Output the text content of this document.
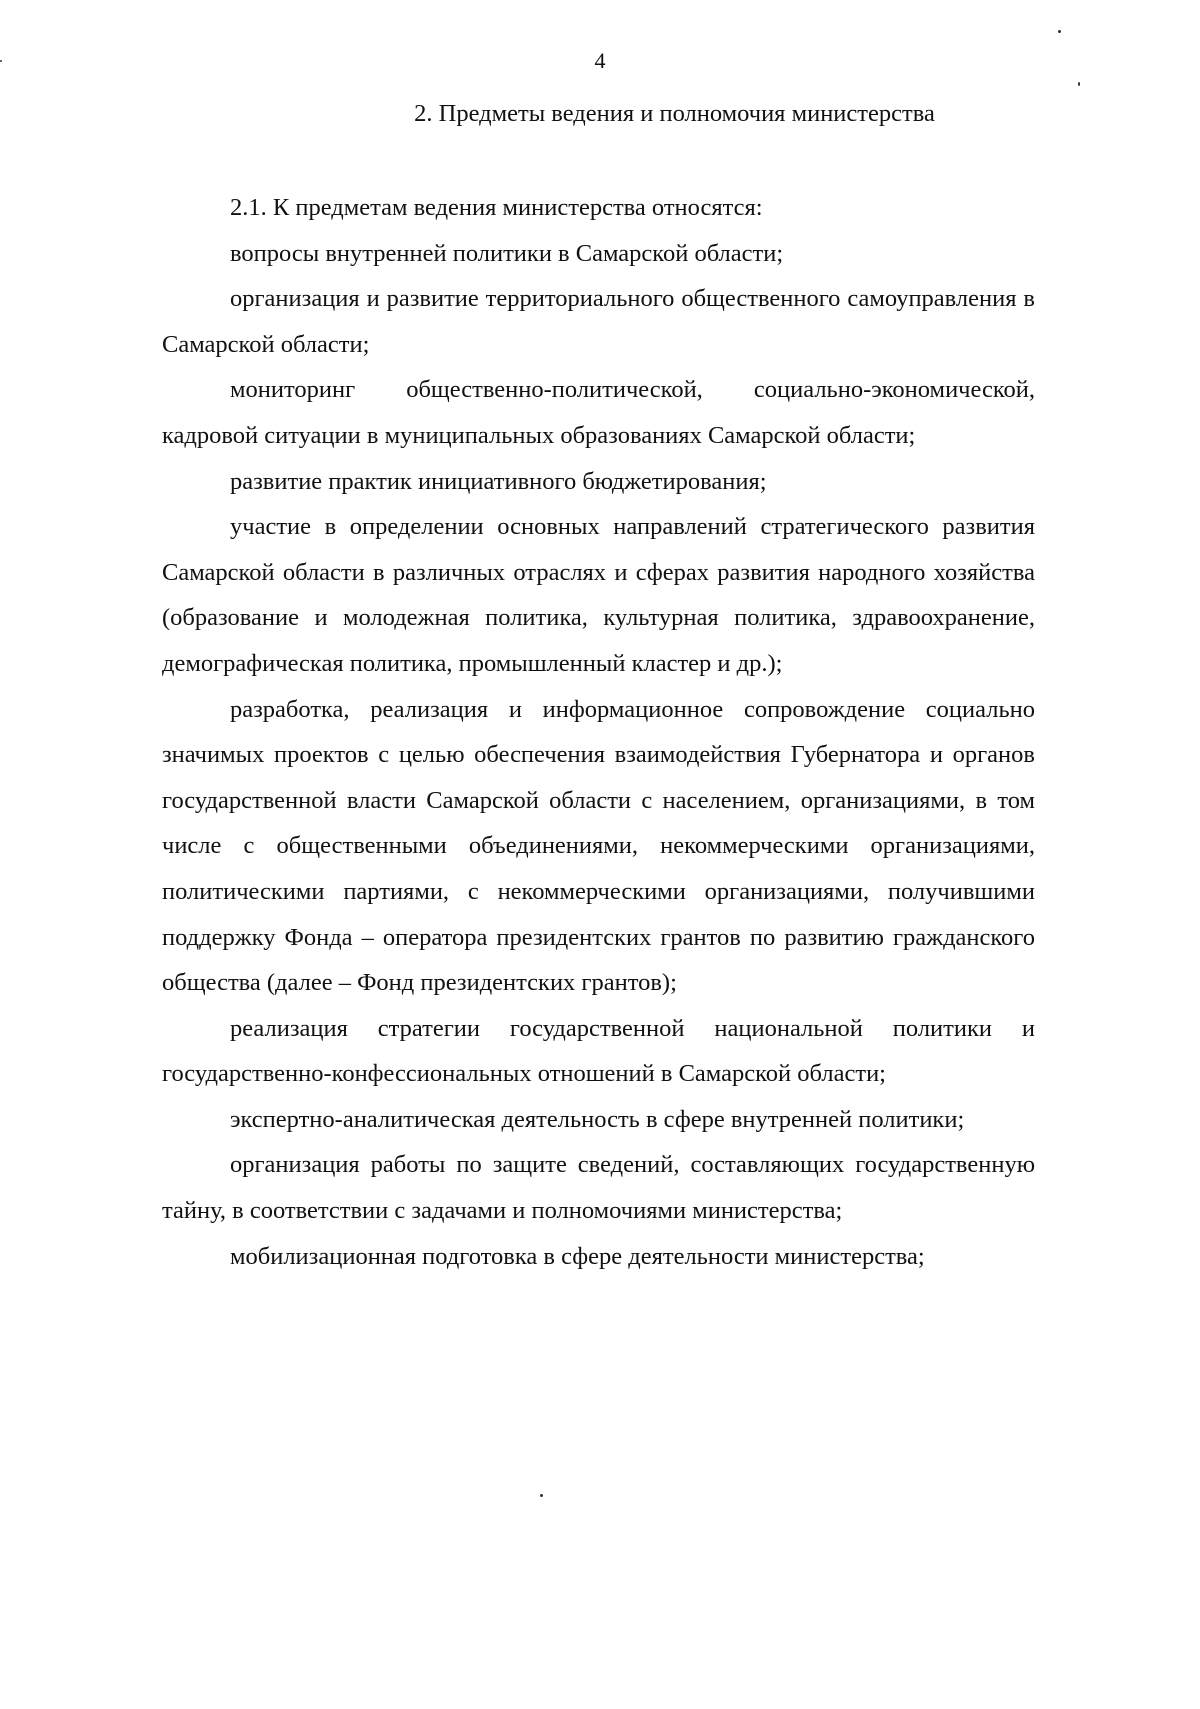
4
2. Предметы ведения и полномочия министерства

2.1. К предметам ведения министерства относятся:

вопросы внутренней политики в Самарской области;

организация и развитие территориального общественного самоуправления в Самарской области;

мониторинг общественно-политической, социально-экономической, кадровой ситуации в муниципальных образованиях Самарской области;

развитие практик инициативного бюджетирования;

участие в определении основных направлений стратегического развития Самарской области в различных отраслях и сферах развития народного хозяйства (образование и молодежная политика, культурная политика, здравоохранение, демографическая политика, промышленный кластер и др.);

разработка, реализация и информационное сопровождение социально значимых проектов с целью обеспечения взаимодействия Губернатора и органов государственной власти Самарской области с населением, организациями, в том числе с общественными объединениями, некоммерческими организациями, политическими партиями, с некоммерческими организациями, получившими поддержку Фонда – оператора президентских грантов по развитию гражданского общества (далее – Фонд президентских грантов);

реализация стратегии государственной национальной политики и государственно-конфессиональных отношений в Самарской области;

экспертно-аналитическая деятельность в сфере внутренней политики;

организация работы по защите сведений, составляющих государственную тайну, в соответствии с задачами и полномочиями министерства;

мобилизационная подготовка в сфере деятельности министерства;
